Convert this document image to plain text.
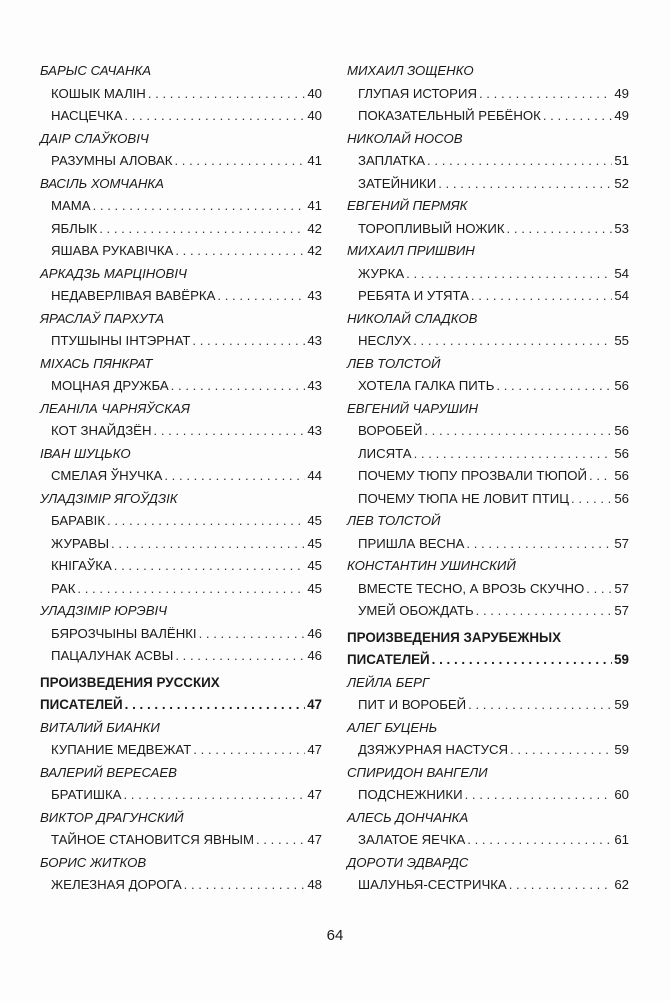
БАРЫС САЧАНКА
КОШЫК МАЛІН . . .	40
НАСЦЕЧКА . . .	40
ДАІР СЛАЎКОВІЧ
РАЗУМНЫ АЛОВАК . . .	41
ВАСІЛЬ ХОМЧАНКА
МАМА . . .	41
ЯБЛЫК . . .	42
ЯШАВА РУКАВІЧКА . . .	42
АРКАДЗЬ МАРЦІНОВІЧ
НЕДАВЕРЛІВАЯ ВАВЁРКА . . .	43
ЯРАСЛАЎ ПАРХУТА
ПТУШЫНЫ ІНТЭРНАТ . . .	43
МІХАСЬ ПЯНКРАТ
МОЦНАЯ ДРУЖБА . . .	43
ЛЕАНІЛА ЧАРНЯЎСКАЯ
КОТ ЗНАЙДЗЁН . . .	43
ІВАН ШУЦЬКО
СМЕЛАЯ ЎНУЧКА . . .	44
УЛАДЗІМІР ЯГОЎДЗІК
БАРАВІК . . .	45
ЖУРАВЫ . . .	45
КНІГАЎКА . . .	45
РАК . . .	45
УЛАДЗІМІР ЮРЭВІЧ
БЯРОЗЧЫНЫ ВАЛЁНКІ . . .	46
ПАЦАЛУНАК АСВЫ . . .	46
ПРОИЗВЕДЕНИЯ РУССКИХ
ПИСАТЕЛЕЙ . . .	47
ВИТАЛИЙ БИАНКИ
КУПАНИЕ МЕДВЕЖАТ . . .	47
ВАЛЕРИЙ ВЕРЕСАЕВ
БРАТИШКА . . .	47
ВИКТОР ДРАГУНСКИЙ
ТАЙНОЕ СТАНОВИТСЯ ЯВНЫМ . . .	47
БОРИС ЖИТКОВ
ЖЕЛЕЗНАЯ ДОРОГА . . .	48
МИХАИЛ ЗОЩЕНКО
ГЛУПАЯ ИСТОРИЯ . . .	49
ПОКАЗАТЕЛЬНЫЙ РЕБЁНОК . . .	49
НИКОЛАЙ НОСОВ
ЗАПЛАТКА . . .	51
ЗАТЕЙНИКИ . . .	52
ЕВГЕНИЙ ПЕРМЯК
ТОРОПЛИВЫЙ НОЖИК . . .	53
МИХАИЛ ПРИШВИН
ЖУРКА . . .	54
РЕБЯТА И УТЯТА . . .	54
НИКОЛАЙ СЛАДКОВ
НЕСЛУХ . . .	55
ЛЕВ ТОЛСТОЙ
ХОТЕЛА ГАЛКА ПИТЬ . . .	56
ЕВГЕНИЙ ЧАРУШИН
ВОРОБЕЙ . . .	56
ЛИСЯТА . . .	56
ПОЧЕМУ ТЮПУ ПРОЗВАЛИ ТЮПОЙ . . . 56
ПОЧЕМУ ТЮПА НЕ ЛОВИТ ПТИЦ . . .	56
ЛЕВ ТОЛСТОЙ
ПРИШЛА ВЕСНА . . .	57
КОНСТАНТИН УШИНСКИЙ
ВМЕСТЕ ТЕСНО, А ВРОЗЬ СКУЧНО . . . 57
УМЕЙ ОБОЖДАТЬ . . .	57
ПРОИЗВЕДЕНИЯ ЗАРУБЕЖНЫХ
ПИСАТЕЛЕЙ . . .	59
ЛЕЙЛА БЕРГ
ПИТ И ВОРОБЕЙ . . .	59
АЛЕГ БУЦЕНЬ
ДЗЯЖУРНАЯ НАСТУСЯ . . .	59
СПИРИДОН ВАНГЕЛИ
ПОДСНЕЖНИКИ . . .	60
АЛЕСЬ ДОНЧАНКА
ЗАЛАТОЕ ЯЕЧКА . . .	61
ДОРОТИ ЭДВАРДС
ШАЛУНЬЯ-СЕСТРИЧКА . . .	62
64
